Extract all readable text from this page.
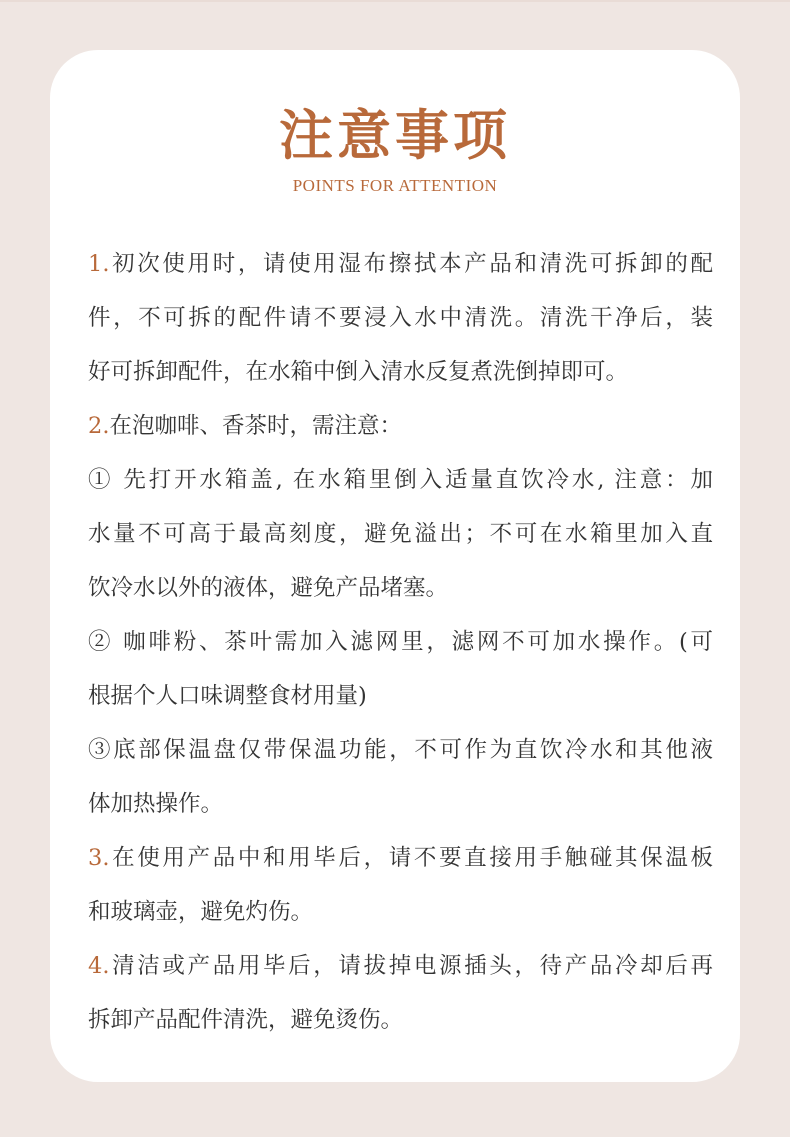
注意事项
POINTS FOR ATTENTION
1.初次使用时，请使用湿布擦拭本产品和清洗可拆卸的配
件，不可拆的配件请不要浸入水中清洗。清洗干净后，装
好可拆卸配件，在水箱中倒入清水反复煮洗倒掉即可。
2.在泡咖啡、香茶时，需注意：
① 先打开水箱盖, 在水箱里倒入适量直饮冷水, 注意：加
水量不可高于最高刻度，避免溢出；不可在水箱里加入直
饮冷水以外的液体，避免产品堵塞。
② 咖啡粉、茶叶需加入滤网里，滤网不可加水操作。(可
根据个人口味调整食材用量)
③底部保温盘仅带保温功能，不可作为直饮冷水和其他液
体加热操作。
3.在使用产品中和用毕后，请不要直接用手触碰其保温板
和玻璃壶，避免灼伤。
4.清洁或产品用毕后，请拔掉电源插头，待产品冷却后再
拆卸产品配件清洗，避免烫伤。
